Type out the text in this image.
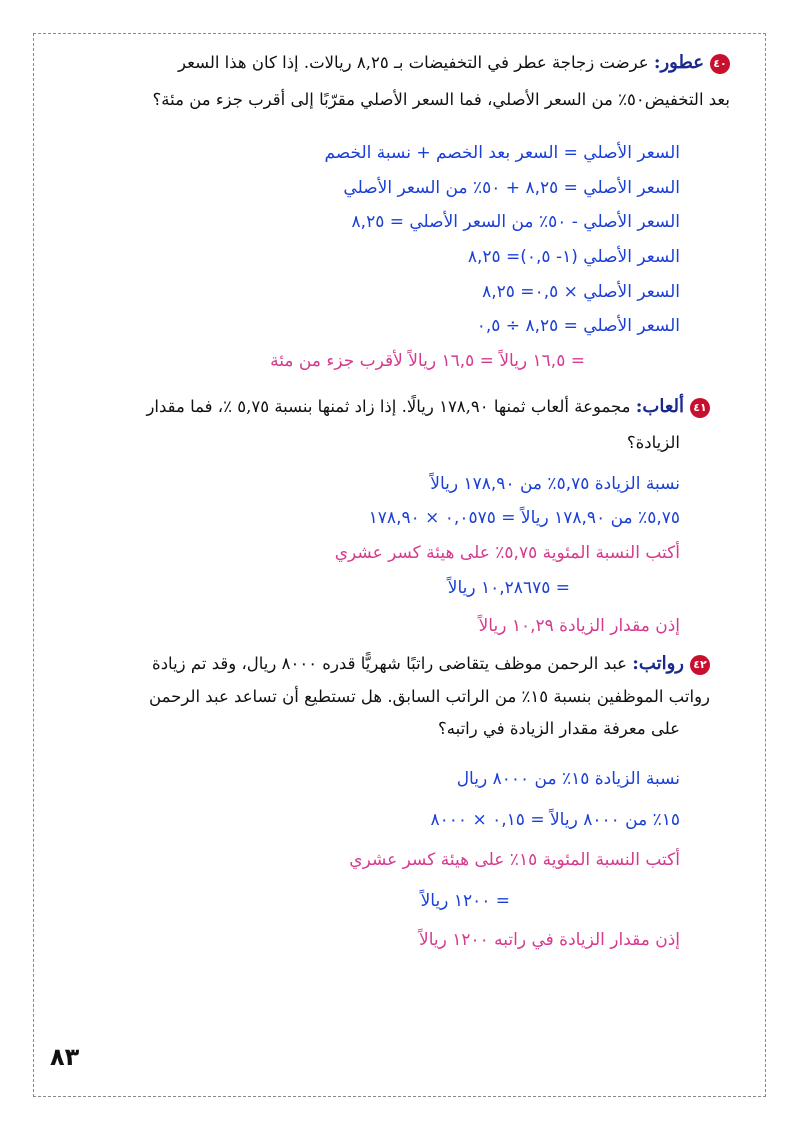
٤٠عطور: عرضت زجاجة عطر في التخفيضات بـ ٨,٢٥ ريالات. إذا كان هذا السعر
بعد التخفيض٥٠٪ من السعر الأصلي، فما السعر الأصلي مقرّبًا إلى أقرب جزء من مئة؟
السعر الأصلي = السعر بعد الخصم + نسبة الخصم
السعر الأصلي = ٨,٢٥ + ٥٠٪ من السعر الأصلي
السعر الأصلي - ٥٠٪ من السعر الأصلي = ٨,٢٥
السعر الأصلي (١- ٠,٥)= ٨,٢٥
السعر الأصلي × ٠,٥= ٨,٢٥
السعر الأصلي = ٨,٢٥ ÷ ٠,٥
= ١٦,٥ ريالاً = ١٦,٥ ريالاً لأقرب جزء من مئة
٤١ألعاب: مجموعة ألعاب ثمنها ١٧٨,٩٠ ريالًا. إذا زاد ثمنها بنسبة ٥,٧٥ ٪، فما مقدار
الزيادة؟
نسبة الزيادة ٥,٧٥٪ من ١٧٨,٩٠ ريالاً
٥,٧٥٪ من ١٧٨,٩٠ ريالاً = ٠,٠٥٧٥ × ١٧٨,٩٠
أكتب النسبة المئوية ٥,٧٥٪ على هيئة كسر عشري
= ١٠,٢٨٦٧٥ ريالاً
إذن مقدار الزيادة ١٠,٢٩ ريالاً
٤٢رواتب: عبد الرحمن موظف يتقاضى راتبًا شهريًّا قدره ٨٠٠٠ ريال، وقد تم زيادة
رواتب الموظفين بنسبة ١٥٪ من الراتب السابق. هل تستطيع أن تساعد عبد الرحمن
على معرفة مقدار الزيادة في راتبه؟
نسبة الزيادة ١٥٪ من ٨٠٠٠ ريال
١٥٪ من ٨٠٠٠ ريالاً = ٠,١٥ × ٨٠٠٠
أكتب النسبة المئوية ١٥٪ على هيئة كسر عشري
= ١٢٠٠ ريالاً
إذن مقدار الزيادة في راتبه ١٢٠٠ ريالاً
٨٣
